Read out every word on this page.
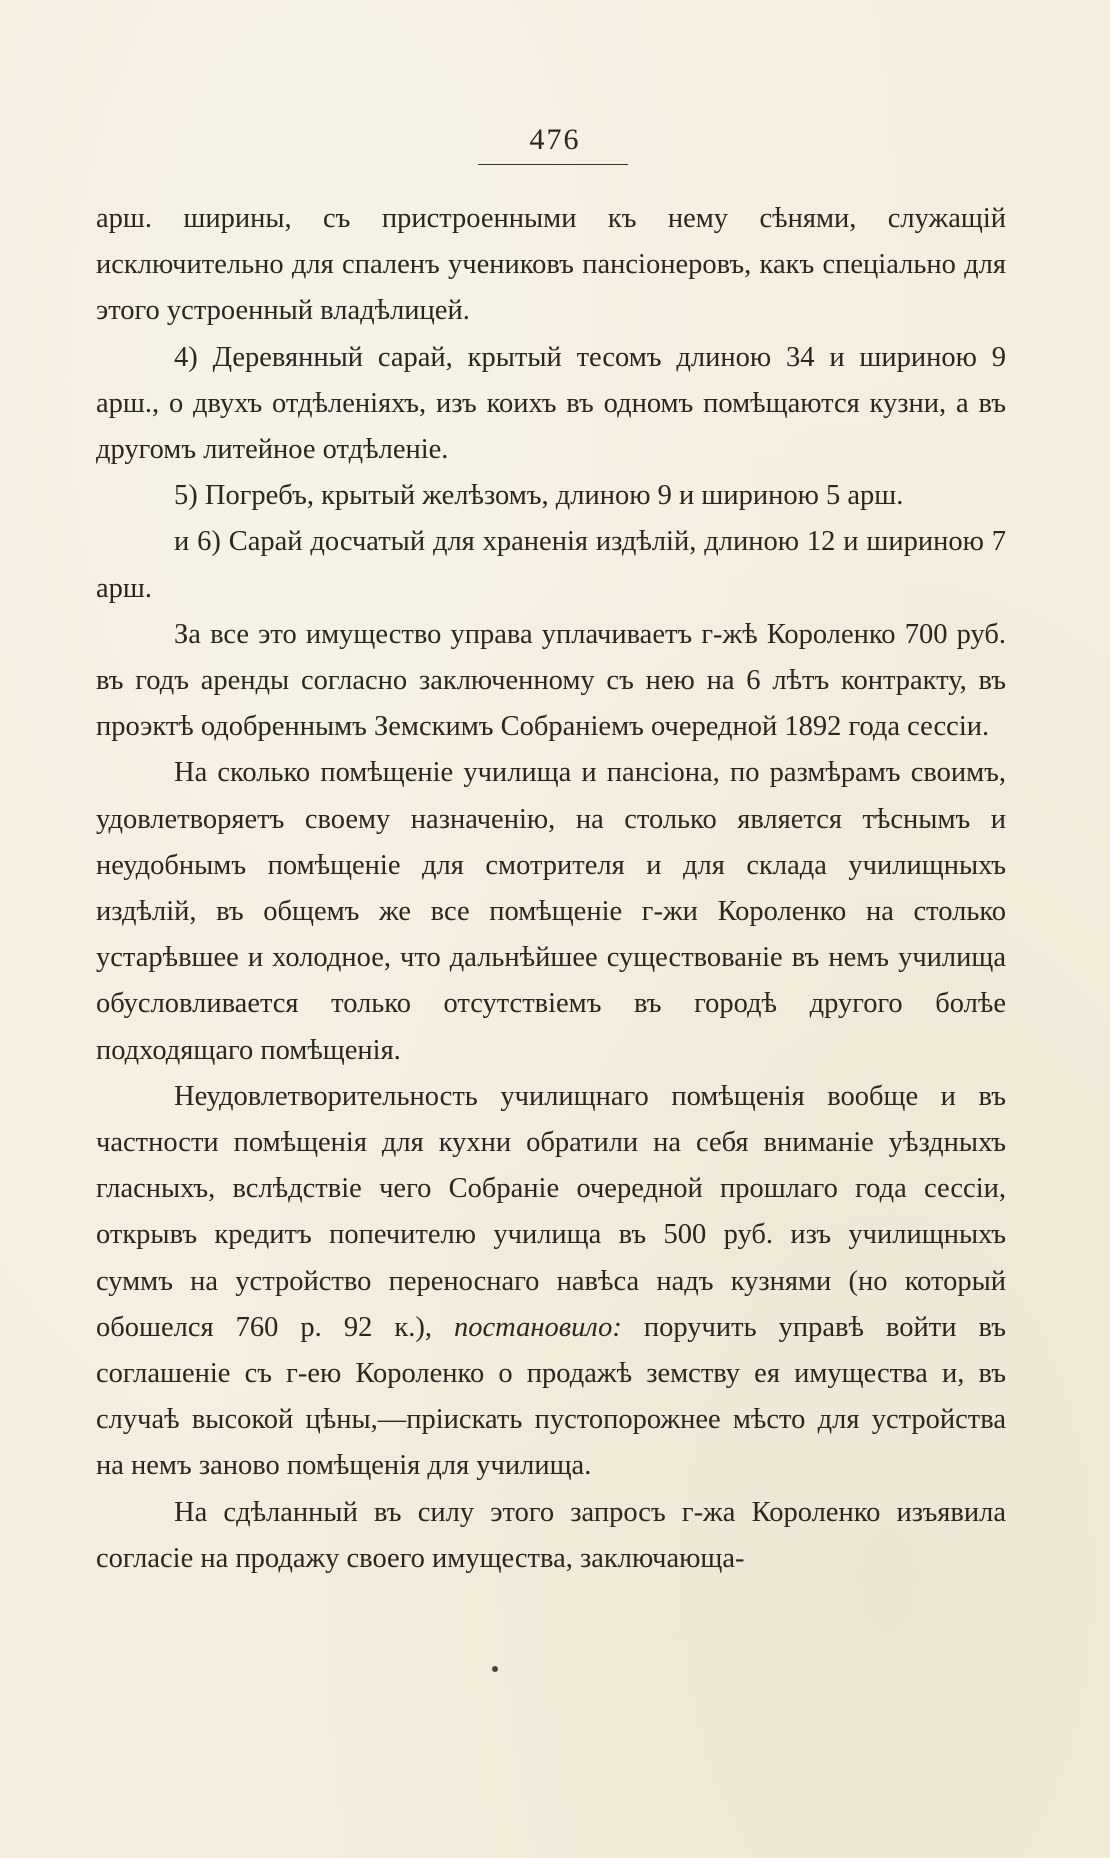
476

арш. ширины, съ пристроенными къ нему сѣнями, служащій исключительно для спаленъ учениковъ пансіонеровъ, какъ спеціально для этого устроенный владѣлицей.

4) Деревянный сарай, крытый тесомъ длиною 34 и шириною 9 арш., о двухъ отдѣленіяхъ, изъ коихъ въ одномъ помѣщаются кузни, а въ другомъ литейное отдѣленіе.

5) Погребъ, крытый желѣзомъ, длиною 9 и шириною 5 арш.

и 6) Сарай досчатый для храненія издѣлій, длиною 12 и шириною 7 арш.

За все это имущество управа уплачиваетъ г-жѣ Короленко 700 руб. въ годъ аренды согласно заключенному съ нею на 6 лѣтъ контракту, въ проэктѣ одобреннымъ Земскимъ Собраніемъ очередной 1892 года сессіи.

На сколько помѣщеніе училища и пансіона, по размѣрамъ своимъ, удовлетворяетъ своему назначенію, на столько является тѣснымъ и неудобнымъ помѣщеніе для смотрителя и для склада училищныхъ издѣлій, въ общемъ же все помѣщеніе г-жи Короленко на столько устарѣвшее и холодное, что дальнѣйшее существованіе въ немъ училища обусловливается только отсутствіемъ въ городѣ другого болѣе подходящаго помѣщенія.

Неудовлетворительность училищнаго помѣщенія вообще и въ частности помѣщенія для кухни обратили на себя вниманіе уѣздныхъ гласныхъ, вслѣдствіе чего Собраніе очередной прошлаго года сессіи, открывъ кредитъ попечителю училища въ 500 руб. изъ училищныхъ суммъ на устройство переноснаго навѣса надъ кузнями (но который обошелся 760 р. 92 к.), постановило: поручить управѣ войти въ соглашеніе съ г-ею Короленко о продажѣ земству ея имущества и, въ случаѣ высокой цѣны,—пріискать пустопорожнее мѣсто для устройства на немъ заново помѣщенія для училища.

На сдѣланный въ силу этого запросъ г-жа Короленко изъявила согласіе на продажу своего имущества, заключающа-
